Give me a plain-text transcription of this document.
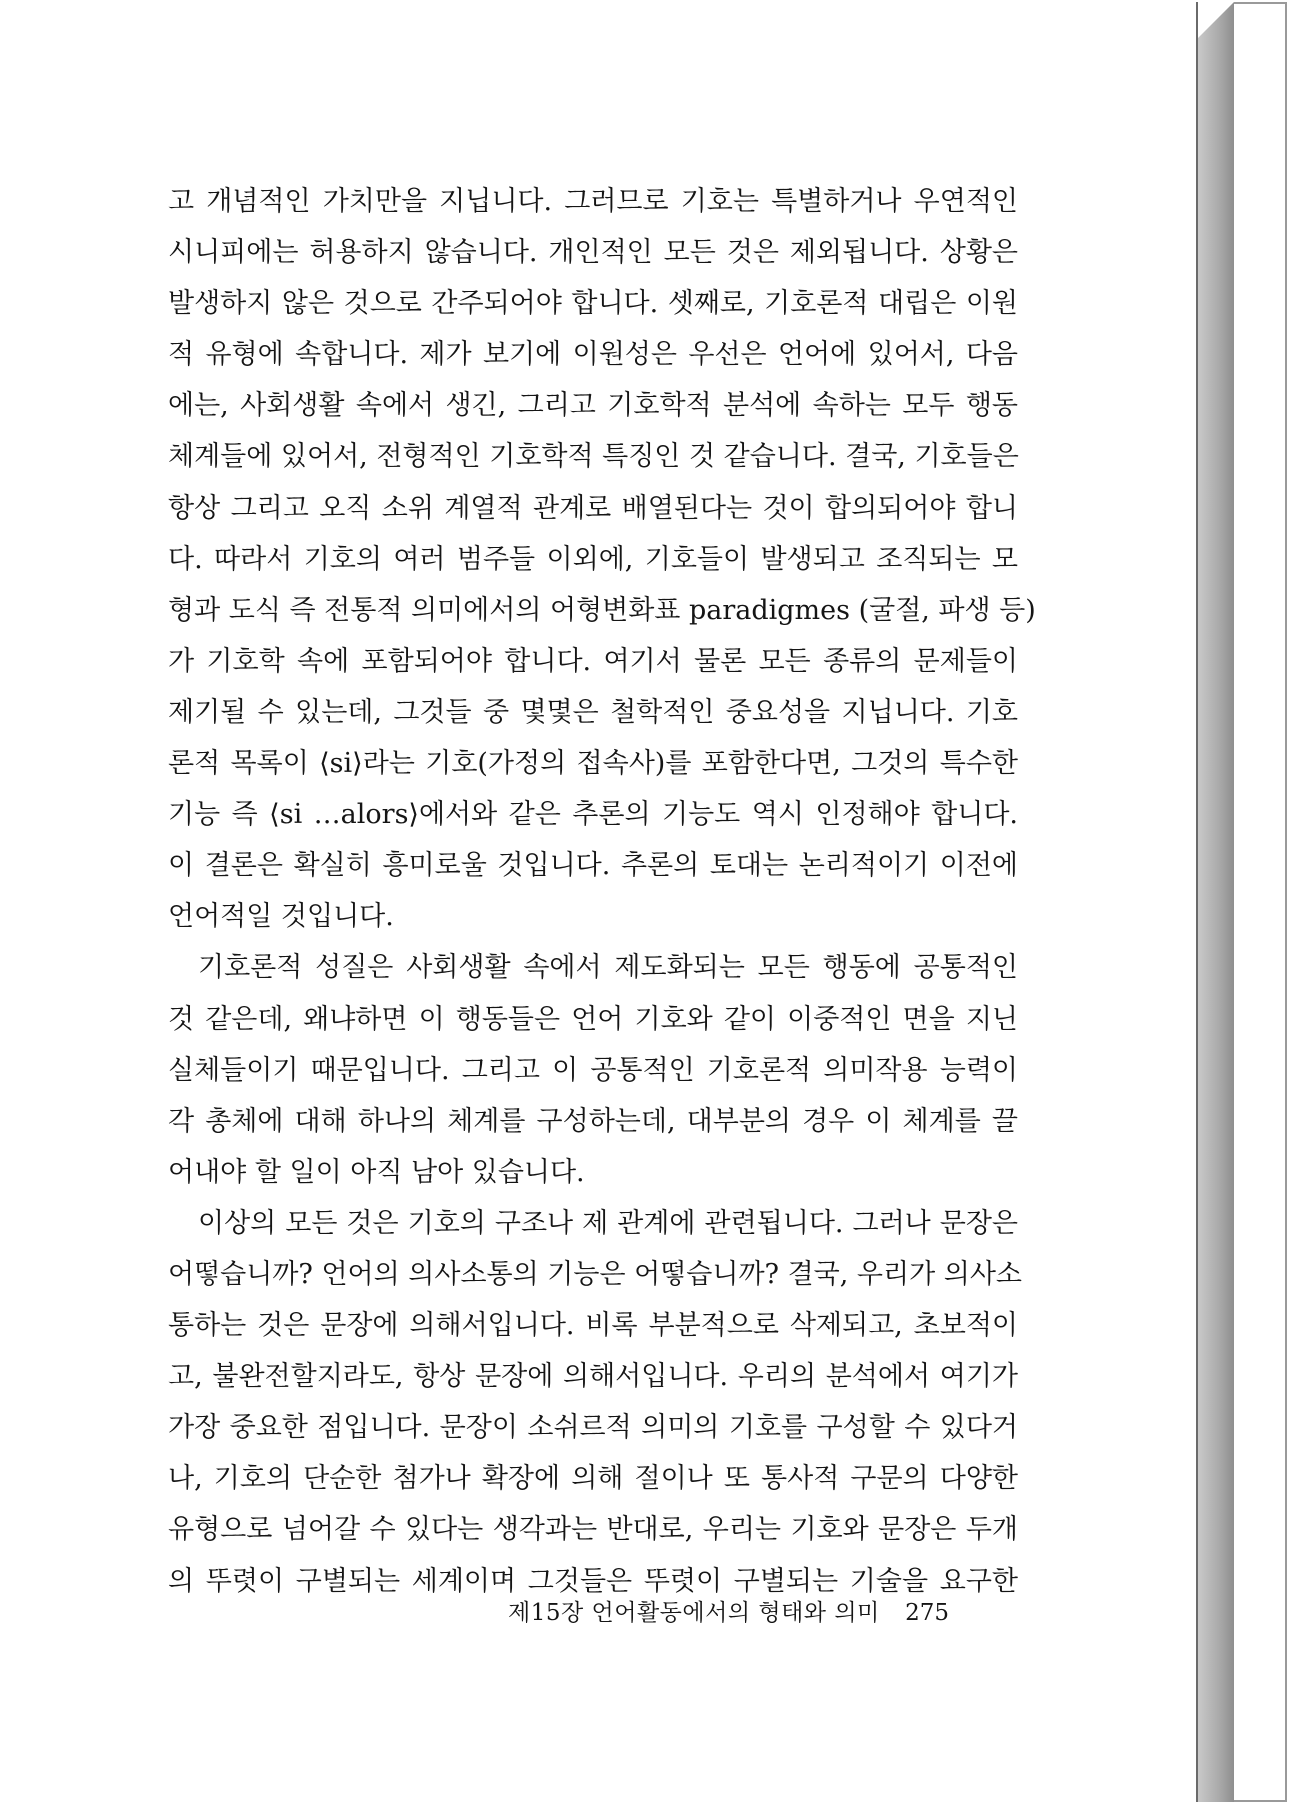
고 개념적인 가치만을 지닙니다. 그러므로 기호는 특별하거나 우연적인
시니피에는 허용하지 않습니다. 개인적인 모든 것은 제외됩니다. 상황은
발생하지 않은 것으로 간주되어야 합니다. 셋째로, 기호론적 대립은 이원
적 유형에 속합니다. 제가 보기에 이원성은 우선은 언어에 있어서, 다음
에는, 사회생활 속에서 생긴, 그리고 기호학적 분석에 속하는 모두 행동
체계들에 있어서, 전형적인 기호학적 특징인 것 같습니다. 결국, 기호들은
항상 그리고 오직 소위 계열적 관계로 배열된다는 것이 합의되어야 합니
다. 따라서 기호의 여러 범주들 이외에, 기호들이 발생되고 조직되는 모
형과 도식 즉 전통적 의미에서의 어형변화표 paradigmes (굴절, 파생 등)
가 기호학 속에 포함되어야 합니다. 여기서 물론 모든 종류의 문제들이
제기될 수 있는데, 그것들 중 몇몇은 철학적인 중요성을 지닙니다. 기호
론적 목록이 ⟨si⟩라는 기호(가정의 접속사)를 포함한다면, 그것의 특수한
기능 즉 ⟨si …alors⟩에서와 같은 추론의 기능도 역시 인정해야 합니다.
이 결론은 확실히 흥미로울 것입니다. 추론의 토대는 논리적이기 이전에
언어적일 것입니다.
기호론적 성질은 사회생활 속에서 제도화되는 모든 행동에 공통적인
것 같은데, 왜냐하면 이 행동들은 언어 기호와 같이 이중적인 면을 지닌
실체들이기 때문입니다. 그리고 이 공통적인 기호론적 의미작용 능력이
각 총체에 대해 하나의 체계를 구성하는데, 대부분의 경우 이 체계를 끌
어내야 할 일이 아직 남아 있습니다.
이상의 모든 것은 기호의 구조나 제 관계에 관련됩니다. 그러나 문장은
어떻습니까? 언어의 의사소통의 기능은 어떻습니까? 결국, 우리가 의사소
통하는 것은 문장에 의해서입니다. 비록 부분적으로 삭제되고, 초보적이
고, 불완전할지라도, 항상 문장에 의해서입니다. 우리의 분석에서 여기가
가장 중요한 점입니다. 문장이 소쉬르적 의미의 기호를 구성할 수 있다거
나, 기호의 단순한 첨가나 확장에 의해 절이나 또 통사적 구문의 다양한
유형으로 넘어갈 수 있다는 생각과는 반대로, 우리는 기호와 문장은 두개
의 뚜렷이 구별되는 세계이며 그것들은 뚜렷이 구별되는 기술을 요구한
제15장 언어활동에서의 형태와 의미 275
